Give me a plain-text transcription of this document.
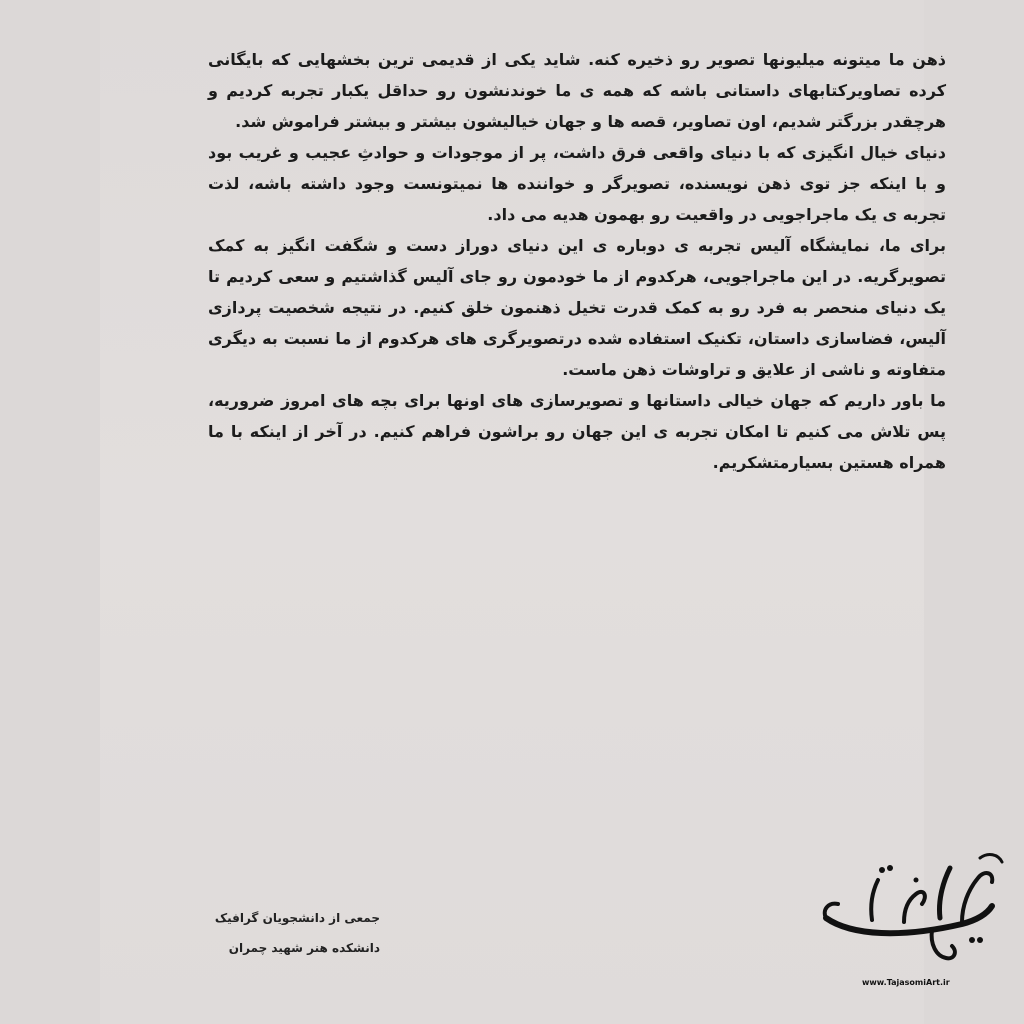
ذهن ما میتونه میلیونها تصویر رو ذخیره کنه. شاید یکی از قدیمی ترین بخشهایی که بایگانی کرده تصاویرکتابهای داستانی باشه که همه ی ما خوندنشون رو حداقل یکبار تجربه کردیم و هرچقدر بزرگتر شدیم، اون تصاویر، قصه ها و جهان خیالیشون بیشتر و بیشتر فراموش شد.

دنیای خیال انگیزی که با دنیای واقعی فرق داشت، پر از موجودات و حوادثِ عجیب و غریب بود و با اینکه جز توی ذهن نویسنده، تصویرگر و خواننده ها نمیتونست وجود داشته باشه، لذت تجربه ی یک ماجراجویی در واقعیت رو بهمون هدیه می داد.

برای ما، نمایشگاه آلیس تجربه ی دوباره ی این دنیای دوراز دست و شگفت انگیز به کمک تصویرگریه. در این ماجراجویی، هرکدوم از ما خودمون رو جای آلیس گذاشتیم و سعی کردیم تا یک دنیای منحصر به فرد رو به کمک قدرت تخیل ذهنمون خلق کنیم. در نتیجه شخصیت پردازی آلیس، فضاسازی داستان، تکنیک استفاده شده درتصویرگری های هرکدوم از ما نسبت به دیگری متفاوته و ناشی از علایق و تراوشات ذهن ماست.

ما باور داریم که جهان خیالی داستانها و تصویرسازی های اونها برای بچه های امروز ضروریه، پس تلاش می کنیم تا امکان تجربه ی این جهان رو براشون فراهم کنیم. در آخر از اینکه با ما همراه هستین بسیارمتشکریم.

جمعی از دانشجویان گرافیک
دانشکده هنر شهید چمران
www.TajasomiArt.ir
